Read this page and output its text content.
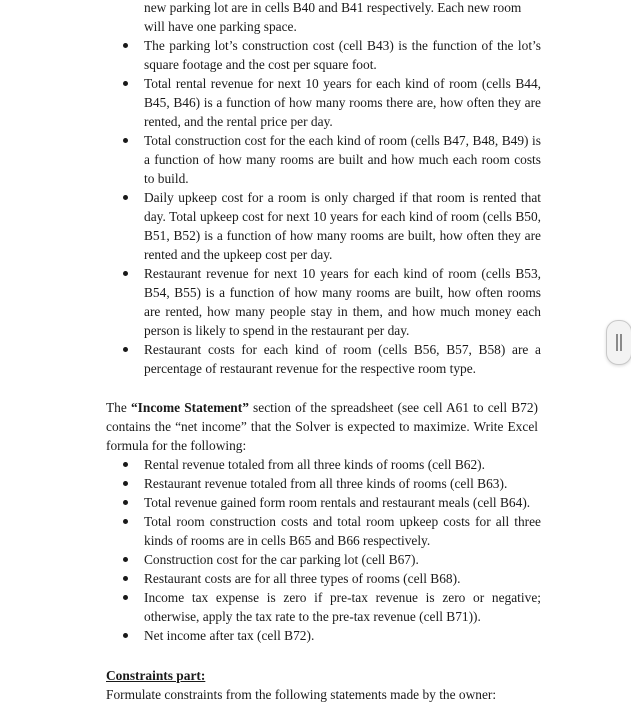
new parking lot are in cells B40 and B41 respectively. Each new room will have one parking space.
The parking lot’s construction cost (cell B43) is the function of the lot’s square footage and the cost per square foot.
Total rental revenue for next 10 years for each kind of room (cells B44, B45, B46) is a function of how many rooms there are, how often they are rented, and the rental price per day.
Total construction cost for the each kind of room (cells B47, B48, B49) is a function of how many rooms are built and how much each room costs to build.
Daily upkeep cost for a room is only charged if that room is rented that day. Total upkeep cost for next 10 years for each kind of room (cells B50, B51, B52) is a function of how many rooms are built, how often they are rented and the upkeep cost per day.
Restaurant revenue for next 10 years for each kind of room (cells B53, B54, B55) is a function of how many rooms are built, how often rooms are rented, how many people stay in them, and how much money each person is likely to spend in the restaurant per day.
Restaurant costs for each kind of room (cells B56, B57, B58) are a percentage of restaurant revenue for the respective room type.

The “Income Statement” section of the spreadsheet (see cell A61 to cell B72) contains the “net income” that the Solver is expected to maximize. Write Excel formula for the following:

Rental revenue totaled from all three kinds of rooms (cell B62).
Restaurant revenue totaled from all three kinds of rooms (cell B63).
Total revenue gained form room rentals and restaurant meals (cell B64).
Total room construction costs and total room upkeep costs for all three kinds of rooms are in cells B65 and B66 respectively.
Construction cost for the car parking lot (cell B67).
Restaurant costs are for all three types of rooms (cell B68).
Income tax expense is zero if pre-tax revenue is zero or negative; otherwise, apply the tax rate to the pre-tax revenue (cell B71)).
Net income after tax (cell B72).
Constraints part:
Formulate constraints from the following statements made by the owner:
